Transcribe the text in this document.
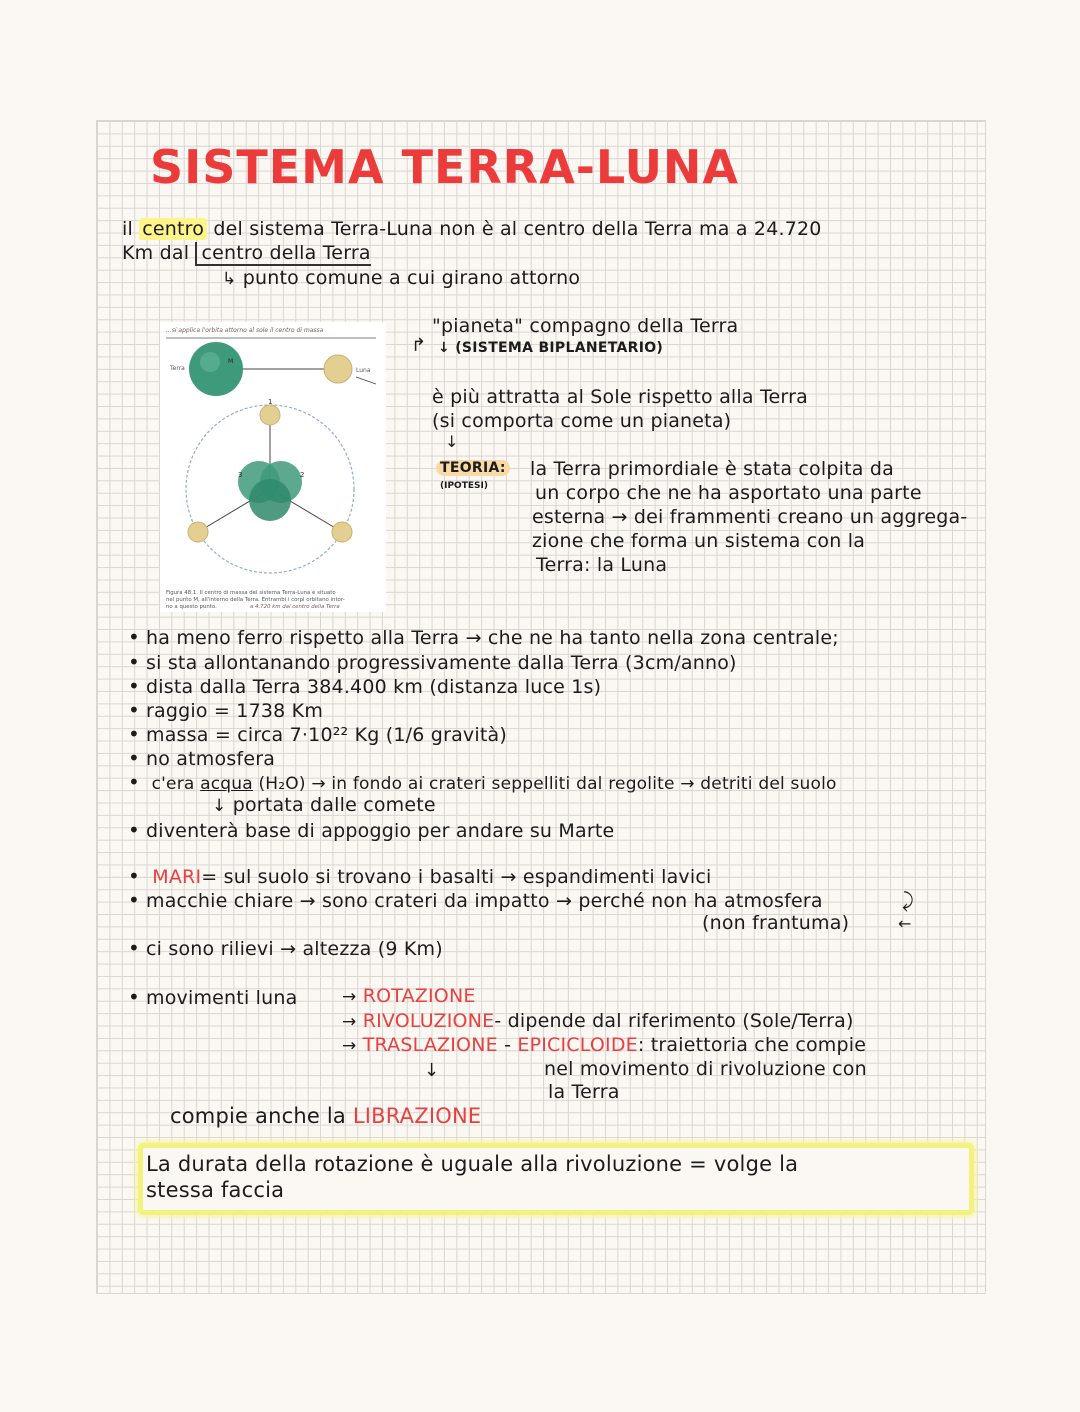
SISTEMA TERRA-LUNA
il centro del sistema Terra-Luna non è al centro della Terra ma a 24.720
Km dal centro della Terra
↳ punto comune a cui girano attorno
...si applica l'orbita attorno al sole il centro di massa
Terra
M
Luna
1
2
3
Figura 48.1. Il centro di massa del sistema Terra-Luna è situato
nel punto M, all'interno della Terra. Entrambi i corpi orbitano intor-
no a questo punto.	a 4.720 km dal centro della Terra
"pianeta" compagno della Terra
↱ ↓ (SISTEMA BIPLANETARIO)
è più attratta al Sole rispetto alla Terra
(si comporta come un pianeta)
↓
TEORIA:
(IPOTESI)
la Terra primordiale è stata colpita da
un corpo che ne ha asportato una parte
esterna → dei frammenti creano un aggrega-
zione che forma un sistema con la
Terra: la Luna
• ha meno ferro rispetto alla Terra → che ne ha tanto nella zona centrale;
• si sta allontanando progressivamente dalla Terra (3cm/anno)
• dista dalla Terra 384.400 km (distanza luce 1s)
• raggio = 1738 Km
• massa = circa 7·10²² Kg (1/6 gravità)
• no atmosfera
• c'era acqua (H₂O) → in fondo ai crateri seppelliti dal regolite → detriti del suolo
↓ portata dalle comete
• diventerà base di appoggio per andare su Marte
• MARI= sul suolo si trovano i basalti → espandimenti lavici
• macchie chiare → sono crateri da impatto → perché non ha atmosfera	⤸
(non frantuma)	←
• ci sono rilievi → altezza (9 Km)
• movimenti luna	→ ROTAZIONE
→ RIVOLUZIONE- dipende dal riferimento (Sole/Terra)
→ TRASLAZIONE - EPICICLOIDE: traiettoria che compie
nel movimento di rivoluzione con
la Terra
↓
compie anche la LIBRAZIONE
La durata della rotazione è uguale alla rivoluzione = volge la
stessa faccia
